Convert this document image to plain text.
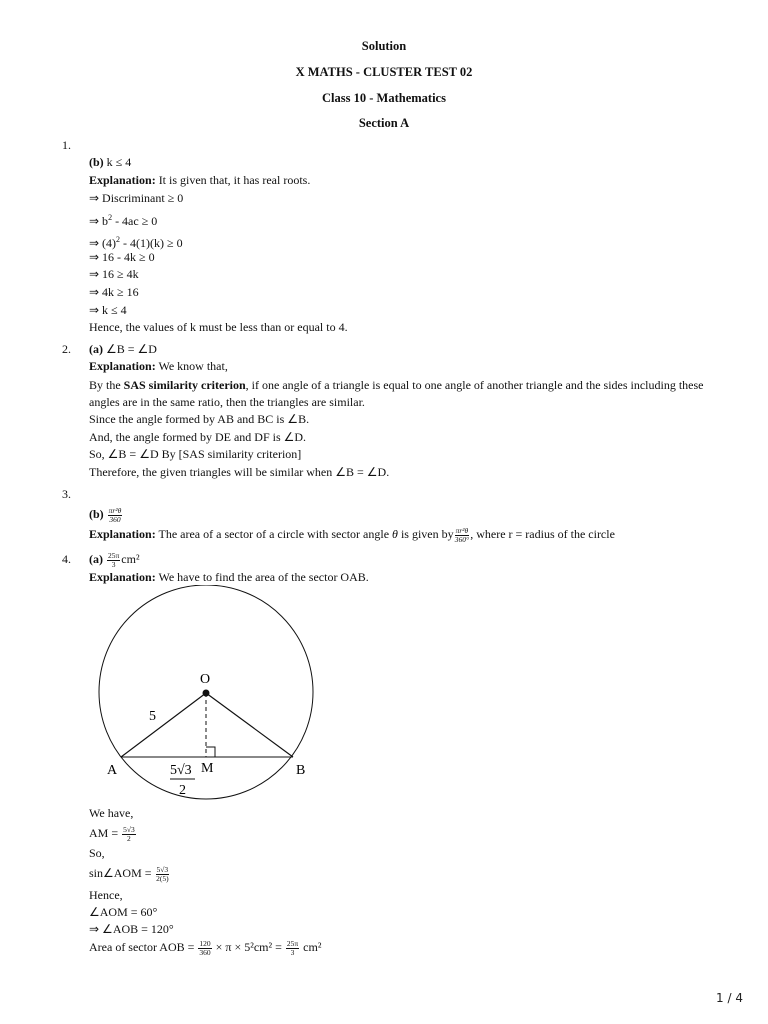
Solution
X MATHS - CLUSTER TEST 02
Class 10 - Mathematics
Section A
1.
(b) k ≤ 4
Explanation: It is given that, it has real roots.
⇒ Discriminant ≥ 0
⇒ $b^2 - 4ac \ge 0$
⇒ $(4)^2 - 4(1)(k) \ge 0$
⇒ 16 - 4k ≥ 0
⇒ 16 ≥ 4k
⇒ 4k ≥ 16
⇒ k ≤ 4
Hence, the values of k must be less than or equal to 4.
2. (a) ∠B = ∠D
Explanation: We know that,
By the SAS similarity criterion, if one angle of a triangle is equal to one angle of another triangle and the sides including these angles are in the same ratio, then the triangles are similar.
Since the angle formed by AB and BC is ∠B.
And, the angle formed by DE and DF is ∠D.
So, ∠B = ∠D By [SAS similarity criterion]
Therefore, the given triangles will be similar when ∠B = ∠D.
3.
$(b) \frac{\text{πr²θ}}{360}$
Explanation: The area of a sector of a circle with sector angle θ is given by $\frac{\text{πr²θ}}{360^\circ}$ , where r = radius of the circle
4. $(a) \frac{25\pi}{3} cm^2$
Explanation: We have to find the area of the sector OAB.
O
A	B
M
5
5√3
2
We have,
AM = $\frac{5√3}{2}$
So,
sin∠AOM = $\frac{5√3}{2(5)}$
Hence,
∠AOM = 60°
⇒ ∠AOB = 120°
Area of sector AOB = $\frac{120}{360} \times \pi \times 5^2cm^2 = \frac{25\pi}{3} cm^2$
1 / 4
